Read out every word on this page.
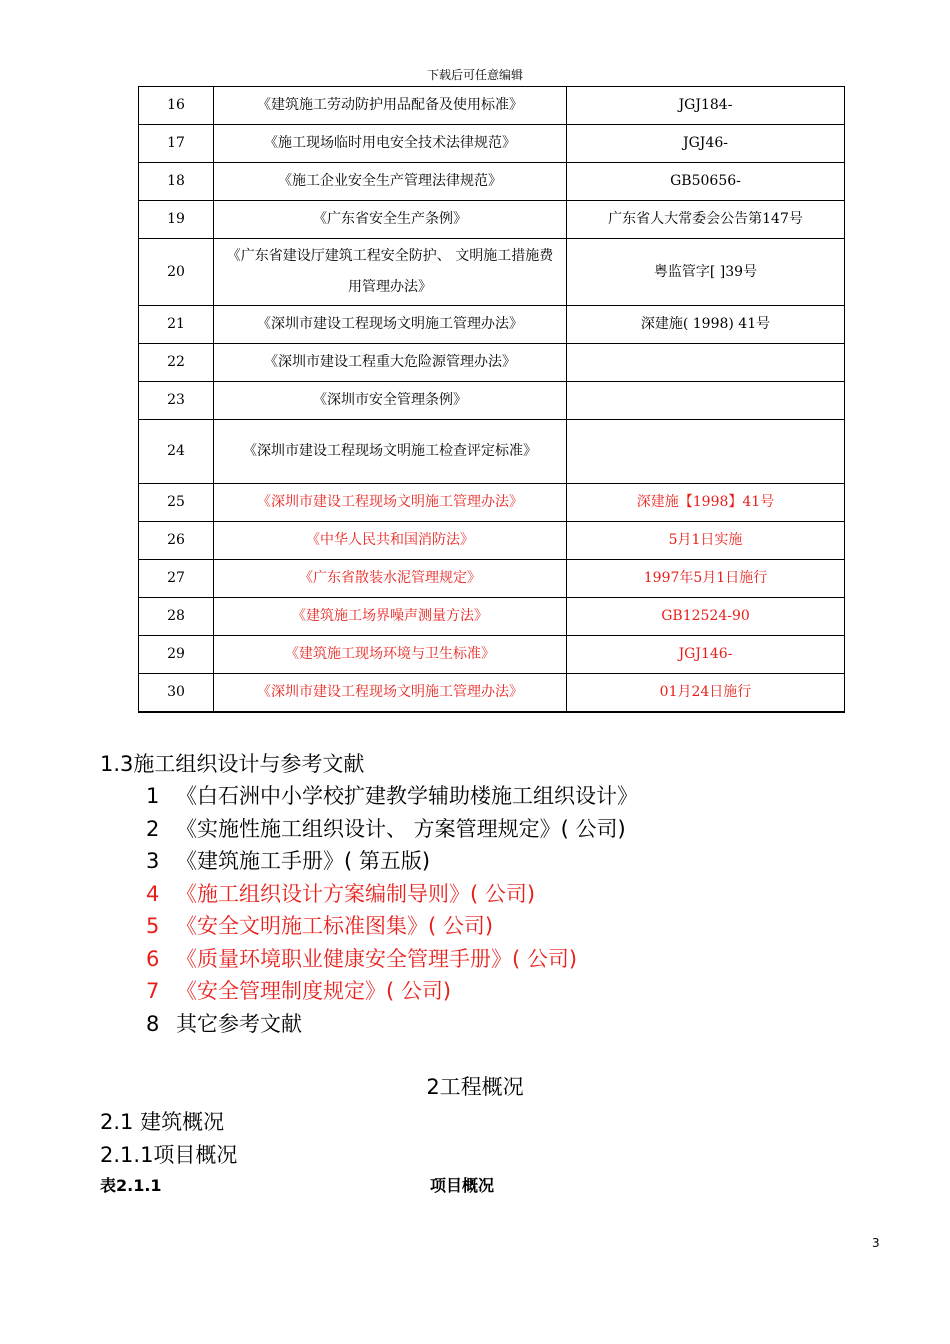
下载后可任意编辑
16	《建筑施工劳动防护用品配备及使用标准》	JGJ184-
17	《施工现场临时用电安全技术法律规范》	JGJ46-
18	《施工企业安全生产管理法律规范》	GB50656-
19	《广东省安全生产条例》	广东省人大常委会公告第147号
20	《广东省建设厅建筑工程安全防护、 文明施工措施费用管理办法》	粤监管字[ ]39号
21	《深圳市建设工程现场文明施工管理办法》	深建施( 1998) 41号
22	《深圳市建设工程重大危险源管理办法》	
23	《深圳市安全管理条例》	
24	《深圳市建设工程现场文明施工检查评定标准》	
25	《深圳市建设工程现场文明施工管理办法》	深建施【1998】41号
26	《中华人民共和国消防法》	5月1日实施
27	《广东省散装水泥管理规定》	1997年5月1日施行
28	《建筑施工场界噪声测量方法》	GB12524-90
29	《建筑施工现场环境与卫生标准》	JGJ146-
30	《深圳市建设工程现场文明施工管理办法》	01月24日施行
1.3施工组织设计与参考文献
1 《白石洲中小学校扩建教学辅助楼施工组织设计》
2 《实施性施工组织设计、 方案管理规定》( 公司)
3 《建筑施工手册》( 第五版)
4 《施工组织设计方案编制导则》( 公司)
5 《安全文明施工标准图集》( 公司)
6 《质量环境职业健康安全管理手册》( 公司)
7 《安全管理制度规定》( 公司)
8 其它参考文献
2工程概况
2.1 建筑概况
2.1.1项目概况
表2.1.1	项目概况
3
